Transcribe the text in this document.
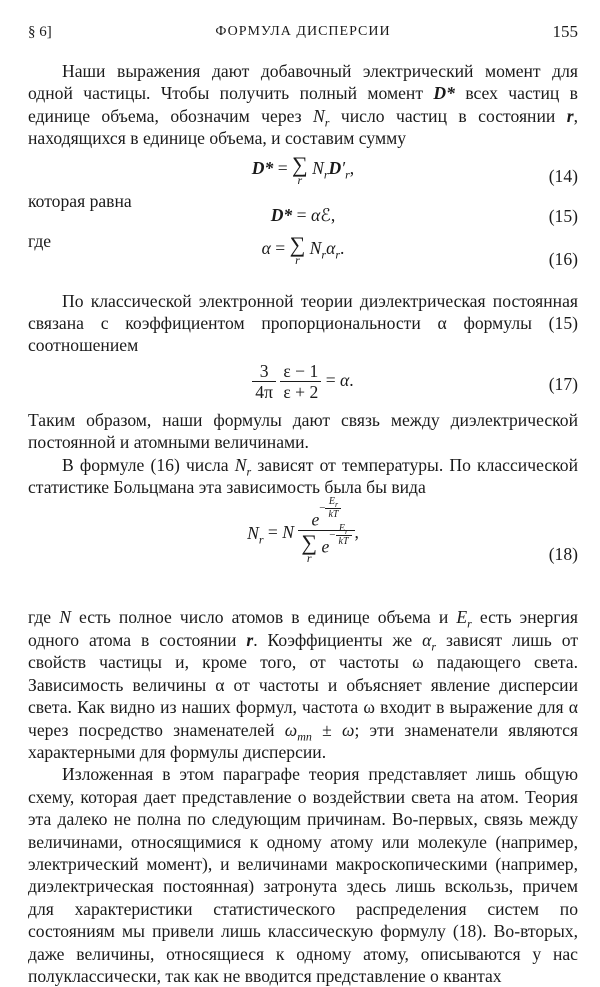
§ 6]	ФОРМУЛА ДИСПЕРСИИ	155

Наши выражения дают добавочный электрический момент для одной частицы. Чтобы получить полный момент D* всех частиц в единице объема, обозначим через $N_r$ число частиц в состоянии r, находящихся в единице объема, и составим сумму

D* = ∑
r
$N_rD'_r$,	(14)
которая равна
D* = αℰ,	(15)
где	α = ∑
r
$N_r\alpha_r$.
(16)

По классической электронной теории диэлектрическая постоянная связана с коэффициентом пропорциональности α формулы (15) соотношением

$\frac{3}{4\pi}$
$\frac{\varepsilon - 1}{\varepsilon + 2} = \alpha$.	(17)

Таким образом, наши формулы дают связь между диэлектрической постоянной и атомными величинами.

В формуле (16) числа $N_r$ зависят от температуры. По классической статистике Больцмана эта зависимость была бы вида

$N_r = N$ $e^{- \frac{E_r}{kT}}$
∑
r
$e^{- \frac{E_r}{kT}}$ ,
(18)

где N есть полное число атомов в единице объема и $E_r$ есть энергия одного атома в состоянии r. Коэффициенты же $\alpha_r$ зависят лишь от свойств частицы и, кроме того, от частоты ω падающего света. Зависимость величины α от частоты и объясняет явление дисперсии света. Как видно из наших формул, частота ω входит в выражение для α через посредство знаменателей $\omega_{mn} \pm \omega$; эти знаменатели являются характерными для формулы дисперсии.

Изложенная в этом параграфе теория представляет лишь общую схему, которая дает представление о воздействии света на атом. Теория эта далеко не полна по следующим причинам. Во-первых, связь между величинами, относящимися к одному атому или молекуле (например, электрический момент), и величинами макроскопическими (например, диэлектрическая постоянная) затронута здесь лишь вскользь, причем для характеристики статистического распределения систем по состояниям мы привели лишь классическую формулу (18). Во-вторых, даже величины, относящиеся к одному атому, описываются у нас полуклассически, так как не вводится представление о квантах
